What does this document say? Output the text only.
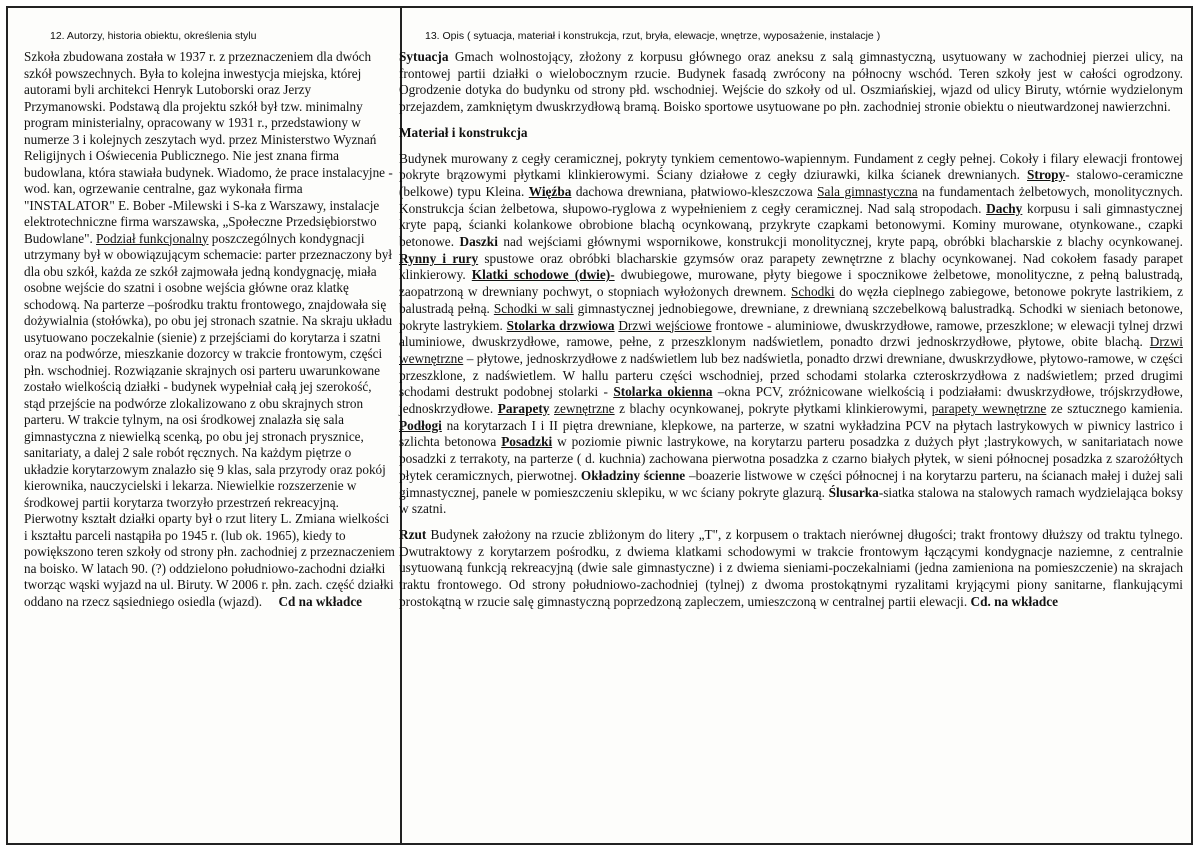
12. Autorzy, historia obiektu, określenia stylu

Szkoła zbudowana została w 1937 r. z przeznaczeniem dla dwóch szkół powszechnych. Była to kolejna inwestycja miejska, której autorami byli architekci Henryk Lutoborski oraz Jerzy Przymanowski. Podstawą dla projektu szkół był tzw. minimalny program ministerialny, opracowany w 1931 r., przedstawiony w numerze 3 i kolejnych zeszytach wyd. przez Ministerstwo Wyznań Religijnych i Oświecenia Publicznego. Nie jest znana firma budowlana, która stawiała budynek. Wiadomo, że prace instalacyjne - wod. kan, ogrzewanie centralne, gaz wykonała firma "INSTALATOR" E. Bober -Milewski i S-ka z Warszawy, instalacje elektrotechniczne firma warszawska, „Społeczne Przedsiębiorstwo Budowlane". Podział funkcjonalny poszczególnych kondygnacji utrzymany był w obowiązującym schemacie: parter przeznaczony był dla obu szkół, każda ze szkół zajmowała jedną kondygnację, miała osobne wejście do szatni i osobne wejścia główne oraz klatkę schodową. Na parterze –pośrodku traktu frontowego, znajdowała się dożywialnia (stołówka), po obu jej stronach szatnie. Na skraju układu usytuowano poczekalnie (sienie) z przejściami do korytarza i szatni oraz na podwórze, mieszkanie dozorcy w trakcie frontowym, części płn. wschodniej. Rozwiązanie skrajnych osi parteru uwarunkowane zostało wielkością działki - budynek wypełniał całą jej szerokość, stąd przejście na podwórze zlokalizowano z obu skrajnych stron parteru. W trakcie tylnym, na osi środkowej znalazła się sala gimnastyczna z niewielką scenką, po obu jej stronach prysznice, sanitariaty, a dalej 2 sale robót ręcznych. Na każdym piętrze o układzie korytarzowym znalazło się 9 klas, sala przyrody oraz pokój kierownika, nauczycielski i lekarza. Niewielkie rozszerzenie w środkowej partii korytarza tworzyło przestrzeń rekreacyjną. Pierwotny kształt działki oparty był o rzut litery L. Zmiana wielkości i kształtu parceli nastąpiła po 1945 r. (lub ok. 1965), kiedy to powiększono teren szkoły od strony płn. zachodniej z przeznaczeniem na boisko. W latach 90. (?) oddzielono południowo-zachodni działki tworząc wąski wyjazd na ul. Biruty. W 2006 r. płn. zach. część działki oddano na rzecz sąsiedniego osiedla (wjazd). Cd na wkładce

13. Opis ( sytuacja, materiał i konstrukcja, rzut, bryła, elewacje, wnętrze, wyposażenie, instalacje )

Sytuacja Gmach wolnostojący, złożony z korpusu głównego oraz aneksu z salą gimnastyczną, usytuowany w zachodniej pierzei ulicy, na frontowej partii działki o wielobocznym rzucie. Budynek fasadą zwrócony na północny wschód. Teren szkoły jest w całości ogrodzony. Ogrodzenie dotyka do budynku od strony płd. wschodniej. Wejście do szkoły od ul. Oszmiańskiej, wjazd od ulicy Biruty, wtórnie wydzielonym przejazdem, zamkniętym dwuskrzydłową bramą. Boisko sportowe usytuowane po płn. zachodniej stronie obiektu o nieutwardzonej nawierzchni.

Materiał i konstrukcja

Budynek murowany z cegły ceramicznej, pokryty tynkiem cementowo-wapiennym. Fundament z cegły pełnej. Cokoły i filary elewacji frontowej pokryte brązowymi płytkami klinkierowymi. Ściany działowe z cegły dziurawki, kilka ścianek drewnianych. Stropy- stalowo-ceramiczne (belkowe) typu Kleina. Więźba dachowa drewniana, płatwiowo-kleszczowa Sala gimnastyczna na fundamentach żelbetowych, monolitycznych. Konstrukcja ścian żelbetowa, słupowo-ryglowa z wypełnieniem z cegły ceramicznej. Nad salą stropodach. Dachy korpusu i sali gimnastycznej kryte papą, ścianki kolankowe obrobione blachą ocynkowaną, przykryte czapkami betonowymi. Kominy murowane, otynkowane., czapki betonowe. Daszki nad wejściami głównymi wspornikowe, konstrukcji monolitycznej, kryte papą, obróbki blacharskie z blachy ocynkowanej. Rynny i rury spustowe oraz obróbki blacharskie gzymsów oraz parapety zewnętrzne z blachy ocynkowanej. Nad cokołem fasady parapet klinkierowy. Klatki schodowe (dwie)- dwubiegowe, murowane, płyty biegowe i spocznikowe żelbetowe, monolityczne, z pełną balustradą, zaopatrzoną w drewniany pochwyt, o stopniach wyłożonych drewnem. Schodki do węzła cieplnego zabiegowe, betonowe pokryte lastrikiem, z balustradą pełną. Schodki w sali gimnastycznej jednobiegowe, drewniane, z drewnianą szczebelkową balustradką. Schodki w sieniach betonowe, pokryte lastrykiem. Stolarka drzwiowa Drzwi wejściowe frontowe - aluminiowe, dwuskrzydłowe, ramowe, przeszklone; w elewacji tylnej drzwi aluminiowe, dwuskrzydłowe, ramowe, pełne, z przeszklonym nadświetlem, ponadto drzwi jednoskrzydłowe, płytowe, obite blachą. Drzwi wewnętrzne – płytowe, jednoskrzydłowe z nadświetlem lub bez nadświetla, ponadto drzwi drewniane, dwuskrzydłowe, płytowo-ramowe, w części przeszklone, z nadświetlem. W hallu parteru części wschodniej, przed schodami stolarka czteroskrzydłowa z nadświetlem; przed drugimi schodami destrukt podobnej stolarki - Stolarka okienna –okna PCV, zróżnicowane wielkością i podziałami: dwuskrzydłowe, trójskrzydłowe, jednoskrzydłowe. Parapety zewnętrzne z blachy ocynkowanej, pokryte płytkami klinkierowymi, parapety wewnętrzne ze sztucznego kamienia. Podłogi na korytarzach I i II piętra drewniane, klepkowe, na parterze, w szatni wykładzina PCV na płytach lastrykowych w piwnicy lastrico i szlichta betonowa Posadzki w poziomie piwnic lastrykowe, na korytarzu parteru posadzka z dużych płyt ;lastrykowych, w sanitariatach nowe posadzki z terrakoty, na parterze ( d. kuchnia) zachowana pierwotna posadzka z czarno białych płytek, w sieni północnej posadzka z szarożółtych płytek ceramicznych, pierwotnej. Okładziny ścienne –boazerie listwowe w części północnej i na korytarzu parteru, na ścianach małej i dużej sali gimnastycznej, panele w pomieszczeniu sklepiku, w wc ściany pokryte glazurą. Ślusarka-siatka stalowa na stalowych ramach wydzielająca boksy w szatni.

Rzut Budynek założony na rzucie zbliżonym do litery „T", z korpusem o traktach nierównej długości; trakt frontowy dłuższy od traktu tylnego. Dwutraktowy z korytarzem pośrodku, z dwiema klatkami schodowymi w trakcie frontowym łączącymi kondygnacje naziemne, z centralnie usytuowaną funkcją rekreacyjną (dwie sale gimnastyczne) i z dwiema sieniami-poczekalniami (jedna zamieniona na pomieszczenie) na skrajach traktu frontowego. Od strony południowo-zachodniej (tylnej) z dwoma prostokątnymi ryzalitami kryjącymi piony sanitarne, flankującymi prostokątną w rzucie salę gimnastyczną poprzedzoną zapleczem, umieszczoną w centralnej partii elewacji. Cd. na wkładce
